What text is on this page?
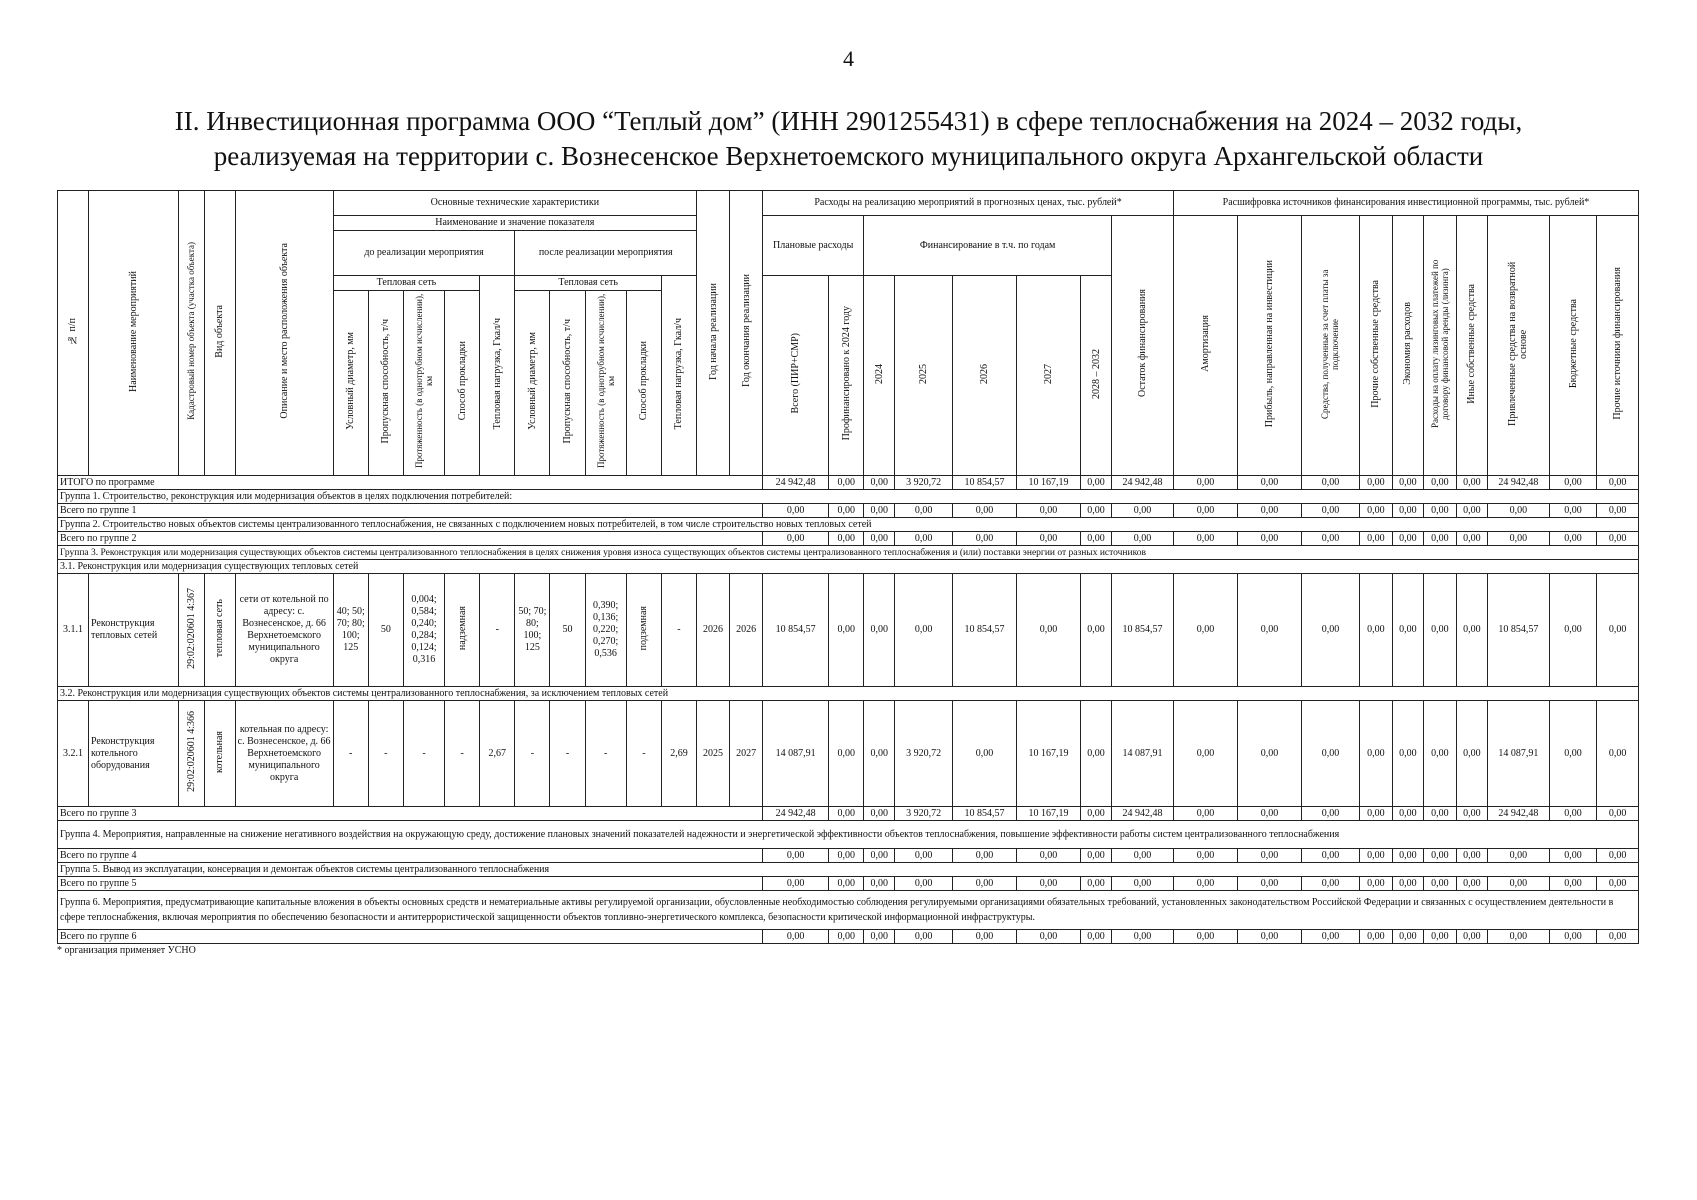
4
II. Инвестиционная программа ООО “Теплый дом” (ИНН 2901255431) в сфере теплоснабжения на 2024 – 2032 годы,
реализуемая на территории с. Вознесенское Верхнетоемского муниципального округа Архангельской области
№ п/п	Наименование мероприятий	Кадастровый номер объекта (участка объекта)	Вид объекта	Описание и место расположения объекта	Основные технические характеристики										Год начала реализации	Год окончания реализации	Расходы на реализацию мероприятий в прогнозных ценах, тыс. рублей*								Расшифровка источников финансирования инвестиционной программы, тыс. рублей*									
					Наименование и значение показателя												Плановые расходы		Финансирование в т.ч. по годам					Остаток финансирования	Амортизация	Прибыль, направленная на инвестиции	Средства, полученные за счет платы за подключение	Прочие собственные средства	Экономия расходов	Расходы на оплату лизинговых платежей по договору финансовой аренды (лизинга)	Иные собственные средства	Привлеченные средства на возвратной основе	Бюджетные средства	Прочие источники финансирования
					до реализации мероприятия					после реализации мероприятия																								
					Тепловая сеть				Тепловая нагрузка, Гкал/ч	Тепловая сеть				Тепловая нагрузка, Гкал/ч			Всего (ПИР+СМР)	Профинансировано к 2024 году	2024	2025	2026	2027	2028 – 2032											
					Условный диаметр, мм	Пропускная способность, т/ч	Протяженность (в однотрубном исчислении), км	Способ прокладки		Условный диаметр, мм	Пропускная способность, т/ч	Протяженность (в однотрубном исчислении), км	Способ прокладки																					
ИТОГО по программе																	24 942,48	0,00	0,00	3 920,72	10 854,57	10 167,19	0,00	24 942,48	0,00	0,00	0,00	0,00	0,00	0,00	0,00	24 942,48	0,00	0,00
Группа 1. Строительство, реконструкция или модернизация объектов в целях подключения потребителей:																																		
Всего по группе 1																	0,00	0,00	0,00	0,00	0,00	0,00	0,00	0,00	0,00	0,00	0,00	0,00	0,00	0,00	0,00	0,00	0,00	0,00
Группа 2. Строительство новых объектов системы централизованного теплоснабжения, не связанных с подключением новых потребителей, в том числе строительство новых тепловых сетей																																		
Всего по группе 2																	0,00	0,00	0,00	0,00	0,00	0,00	0,00	0,00	0,00	0,00	0,00	0,00	0,00	0,00	0,00	0,00	0,00	0,00
Группа 3. Реконструкция или модернизация существующих объектов системы централизованного теплоснабжения в целях снижения уровня износа существующих объектов системы централизованного теплоснабжения и (или) поставки энергии от разных источников																																		
3.1. Реконструкция или модернизация существующих тепловых сетей																																		
3.1.1	Реконструкция тепловых сетей	29:02:020601 4:367	тепловая сеть	сети от котельной по адресу: с. Вознесенское, д. 66 Верхнетоемского муниципального округа	40; 50; 70; 80; 100; 125	50	0,004; 0,584; 0,240; 0,284; 0,124; 0,316	надземная	-	50; 70; 80; 100; 125	50	0,390; 0,136; 0,220; 0,270; 0,536	подземная	-	2026	2026	10 854,57	0,00	0,00	0,00	10 854,57	0,00	0,00	10 854,57	0,00	0,00	0,00	0,00	0,00	0,00	0,00	10 854,57	0,00	0,00
3.2. Реконструкция или модернизация существующих объектов системы централизованного теплоснабжения, за исключением тепловых сетей																																		
3.2.1	Реконструкция котельного оборудования	29:02:020601 4:366	котельная	котельная по адресу: с. Вознесенское, д. 66 Верхнетоемского муниципального округа	-	-	-	-	2,67	-	-	-	-	2,69	2025	2027	14 087,91	0,00	0,00	3 920,72	0,00	10 167,19	0,00	14 087,91	0,00	0,00	0,00	0,00	0,00	0,00	0,00	14 087,91	0,00	0,00
Всего по группе 3																	24 942,48	0,00	0,00	3 920,72	10 854,57	10 167,19	0,00	24 942,48	0,00	0,00	0,00	0,00	0,00	0,00	0,00	24 942,48	0,00	0,00
Группа 4. Мероприятия, направленные на снижение негативного воздействия на окружающую среду, достижение плановых значений показателей надежности и энергетической эффективности объектов теплоснабжения, повышение эффективности работы систем централизованного теплоснабжения																																		
Всего по группе 4																	0,00	0,00	0,00	0,00	0,00	0,00	0,00	0,00	0,00	0,00	0,00	0,00	0,00	0,00	0,00	0,00	0,00	0,00
Группа 5. Вывод из эксплуатации, консервация и демонтаж объектов системы централизованного теплоснабжения																																		
Всего по группе 5																	0,00	0,00	0,00	0,00	0,00	0,00	0,00	0,00	0,00	0,00	0,00	0,00	0,00	0,00	0,00	0,00	0,00	0,00
Группа 6. Мероприятия, предусматривающие капитальные вложения в объекты основных средств и нематериальные активы регулируемой организации, обусловленные необходимостью соблюдения регулируемыми организациями обязательных требований, установленных законодательством Российской Федерации и связанных с осуществлением деятельности в сфере теплоснабжения, включая мероприятия по обеспечению безопасности и антитеррористической защищенности объектов топливно-энергетического комплекса, безопасности критической информационной инфраструктуры.																																		
Всего по группе 6																	0,00	0,00	0,00	0,00	0,00	0,00	0,00	0,00	0,00	0,00	0,00	0,00	0,00	0,00	0,00	0,00	0,00	0,00
* организация применяет УСНО
